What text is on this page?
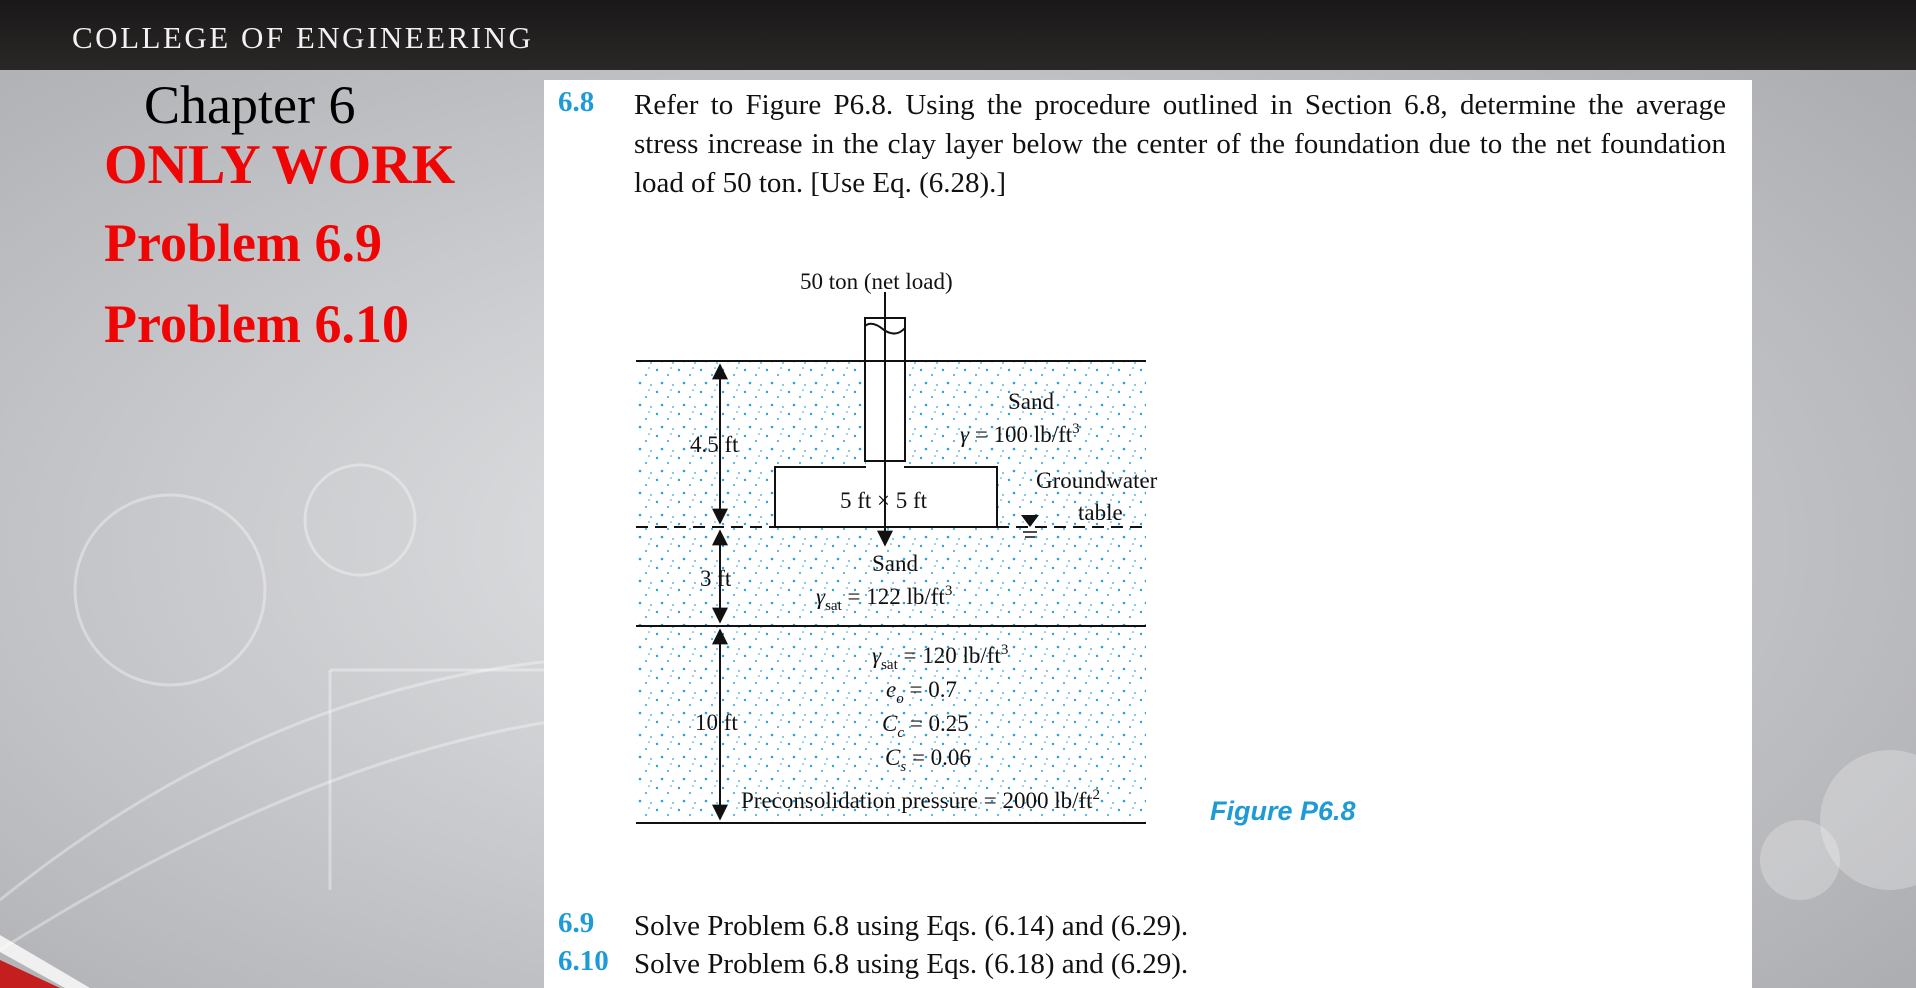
COLLEGE OF ENGINEERING
Chapter 6
ONLY WORK
Problem 6.9
Problem 6.10
6.8 Refer to Figure P6.8. Using the procedure outlined in Section 6.8, determine the average stress increase in the clay layer below the center of the foundation due to the net foundation load of 50 ton. [Use Eq. (6.28).]
50 ton (net load)
5 ft × 5 ft
4.5 ft
3 ft
10 ft
Groundwater
table
Sand
γ = 100 $lb/ft^3$
Sand
$\gamma_{sat} = 122$ $lb/ft^3$
$\gamma_{sat} = 120$ $lb/ft^3$
$e_o = 0.7$
$C_c = 0.25$
$C_s = 0.06$
Preconsolidation pressure = 2000 $lb/ft^2$
Figure P6.8
6.9 Solve Problem 6.8 using Eqs. (6.14) and (6.29).
6.10 Solve Problem 6.8 using Eqs. (6.18) and (6.29).
